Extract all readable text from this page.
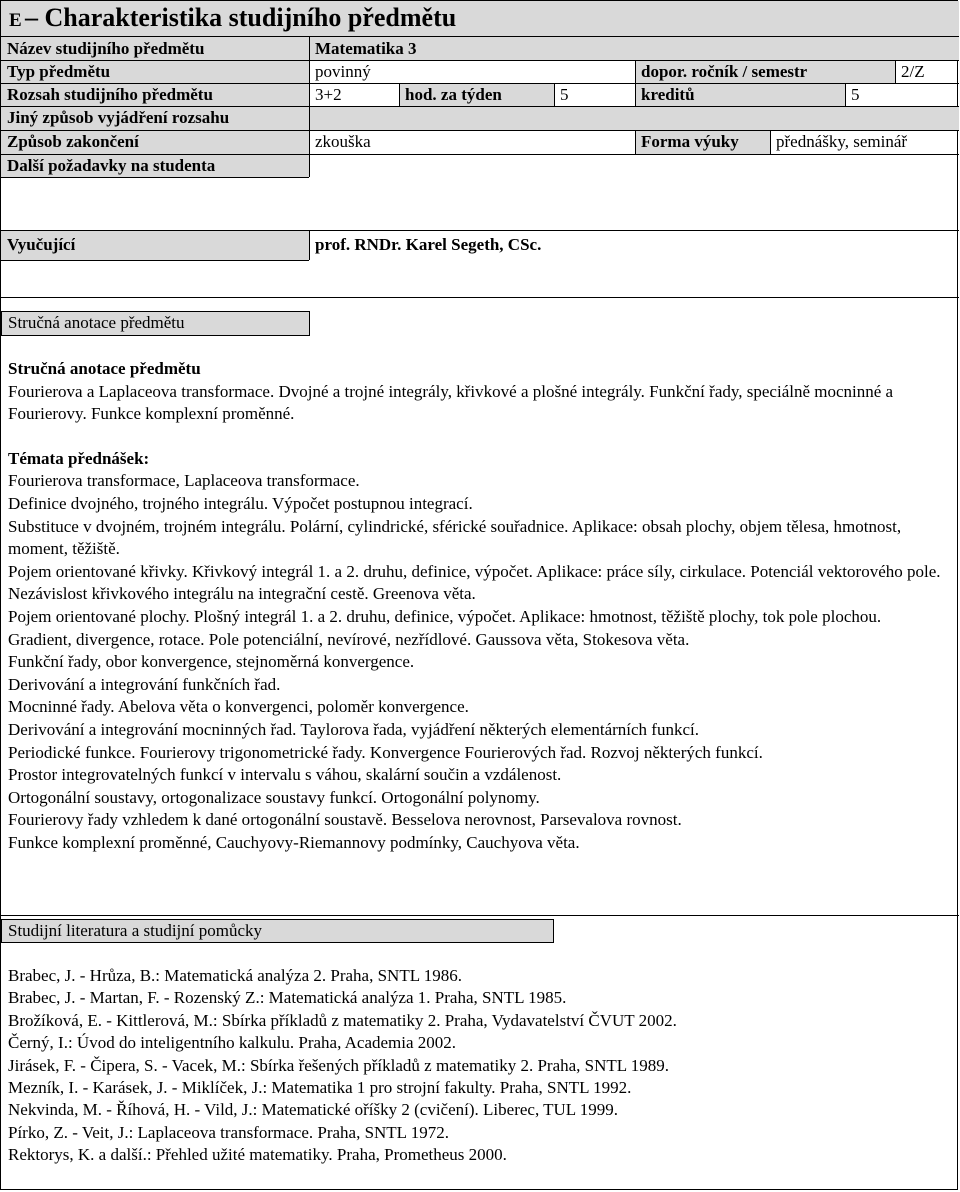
E – Charakteristika studijního předmětu
Název studijního předmětu	Matematika 3
Typ předmětu	povinný	dopor. ročník / semestr	2/Z
Rozsah studijního předmětu	3+2	hod. za týden	5	kreditů	5
Jiný způsob vyjádření rozsahu
Způsob zakončení	zkouška	Forma výuky	přednášky, seminář
Další požadavky na studenta
Vyučující	prof. RNDr. Karel Segeth, CSc.
Stručná anotace předmětu
Stručná anotace předmětu
Fourierova a Laplaceova transformace. Dvojné a trojné integrály, křivkové a plošné integrály. Funkční řady, speciálně mocninné a Fourierovy. Funkce komplexní proměnné.
Témata přednášek:
Fourierova transformace, Laplaceova transformace.
Definice dvojného, trojného integrálu. Výpočet postupnou integrací.
Substituce v dvojném, trojném integrálu. Polární, cylindrické, sférické souřadnice. Aplikace: obsah plochy, objem tělesa, hmotnost, moment, těžiště.
Pojem orientované křivky. Křivkový integrál 1. a 2. druhu, definice, výpočet. Aplikace: práce síly, cirkulace. Potenciál vektorového pole. Nezávislost křivkového integrálu na integrační cestě. Greenova věta.
Pojem orientované plochy. Plošný integrál 1. a 2. druhu, definice, výpočet. Aplikace: hmotnost, těžiště plochy, tok pole plochou.
Gradient, divergence, rotace. Pole potenciální, nevírové, nezřídlové. Gaussova věta, Stokesova věta.
Funkční řady, obor konvergence, stejnoměrná konvergence.
Derivování a integrování funkčních řad.
Mocninné řady. Abelova věta o konvergenci, poloměr konvergence.
Derivování a integrování mocninných řad. Taylorova řada, vyjádření některých elementárních funkcí.
Periodické funkce. Fourierovy trigonometrické řady. Konvergence Fourierových řad. Rozvoj některých funkcí.
Prostor integrovatelných funkcí v intervalu s váhou, skalární součin a vzdálenost.
Ortogonální soustavy, ortogonalizace soustavy funkcí. Ortogonální polynomy.
Fourierovy řady vzhledem k dané ortogonální soustavě. Besselova nerovnost, Parsevalova rovnost.
Funkce komplexní proměnné, Cauchyovy-Riemannovy podmínky, Cauchyova věta.
Studijní literatura a studijní pomůcky
Brabec, J. - Hrůza, B.: Matematická analýza 2. Praha, SNTL 1986.
Brabec, J. - Martan, F. - Rozenský Z.: Matematická analýza 1. Praha, SNTL 1985.
Brožíková, E. - Kittlerová, M.: Sbírka příkladů z matematiky 2. Praha, Vydavatelství ČVUT 2002.
Černý, I.: Úvod do inteligentního kalkulu. Praha, Academia 2002.
Jirásek, F. - Čipera, S. - Vacek, M.: Sbírka řešených příkladů z matematiky 2. Praha, SNTL 1989.
Mezník, I. - Karásek, J. - Miklíček, J.: Matematika 1 pro strojní fakulty. Praha, SNTL 1992.
Nekvinda, M. - Říhová, H. - Vild, J.: Matematické oříšky 2 (cvičení). Liberec, TUL 1999.
Pírko, Z. - Veit, J.: Laplaceova transformace. Praha, SNTL 1972.
Rektorys, K. a další.: Přehled užité matematiky. Praha, Prometheus 2000.
